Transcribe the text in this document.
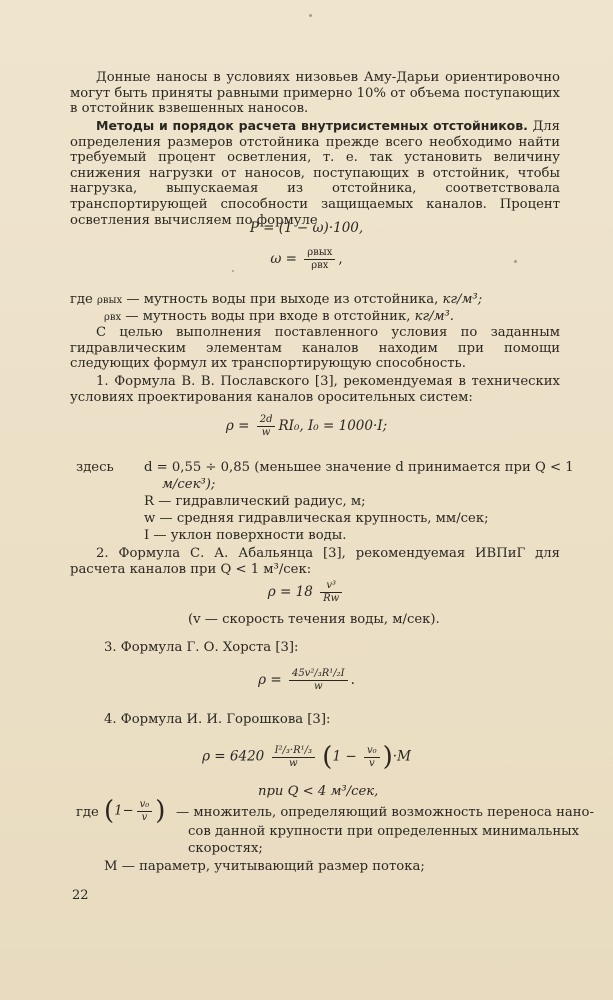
Донные наносы в условиях низовьев Аму-Дарьи ориентировочно могут быть приняты равными примерно 10% от объема поступающих в отстойник взвешенных наносов.

Методы и порядок расчета внутрисистемных отстойников. Для определения размеров отстойника прежде всего необходимо найти требуемый процент осветления, т. е. так установить величину снижения нагрузки от наносов, поступающих в отстойник, чтобы нагрузка, выпускаемая из отстойника, соответствовала транспортирующей способности защищаемых каналов. Процент осветления вычисляем по формуле

P = (1 − ω)·100,
$\omega = \frac{\text{ρвых}}{\text{ρвх}}$ ,
где ρвых — мутность воды при выходе из отстойника, кг/м³;
ρвх — мутность воды при входе в отстойник, кг/м³.

С целью выполнения поставленного условия по заданным гидравлическим элементам каналов находим при помощи следующих формул их транспортирующую способность.

1. Формула В. В. Пославского [3], рекомендуемая в технических условиях проектирования каналов оросительных систем:

$\rho = \frac{2d}{w} RI_0$, I₀ = 1000·I;
здесь d = 0,55 ÷ 0,85 (меньшее значение d принимается при Q < 1
м/сек³);
R — гидравлический радиус, м;
w — средняя гидравлическая крупность, мм/сек;
I — уклон поверхности воды.

2. Формула С. А. Абальянца [3], рекомендуемая ИВПиГ для расчета каналов при Q < 1 м³/сек:

$\rho = 18 \frac{\text{v³}}{Rw}$
(v — скорость течения воды, м/сек).
3. Формула Г. О. Хорста [3]:
$\rho = \frac{\text{45v²/₃R¹/₂I}}{w}$ .
4. Формула И. И. Горошкова [3]:
$\rho = 6420 \frac{\text{I²/₃·R¹/₃}}{w} (1 - \frac{\text{v₀}}{v} )\cdot M$
при Q < 4 м³/сек,
где ($1- \frac{\text{v₀}}{v}$ ) — множитель, определяющий возможность переноса нано-
сов данной крупности при определенных минимальных
скоростях;
M — параметр, учитывающий размер потока;
22
